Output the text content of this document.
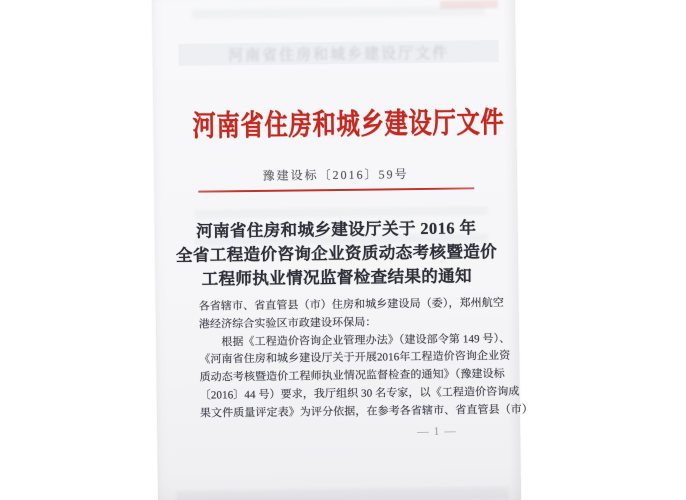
河南省住房和城乡建设厅文件
河南省住房和城乡建设厅文件
豫建设标〔2016〕59号
河南省住房和城乡建设厅关于 2016 年
全省工程造价咨询企业资质动态考核暨造价
工程师执业情况监督检查结果的通知
各省辖市、省直管县（市）住房和城乡建设局（委），郑州航空
港经济综合实验区市政建设环保局：
　　根据《工程造价咨询企业管理办法》（建设部令第 149 号）、
《河南省住房和城乡建设厅关于开展2016年工程造价咨询企业资
质动态考核暨造价工程师执业情况监督检查的通知》（豫建设标
〔2016〕44 号）要求，我厅组织 30 名专家，以《工程造价咨询成
果文件质量评定表》为评分依据，在参考各省辖市、省直管县（市）
— 1 —
